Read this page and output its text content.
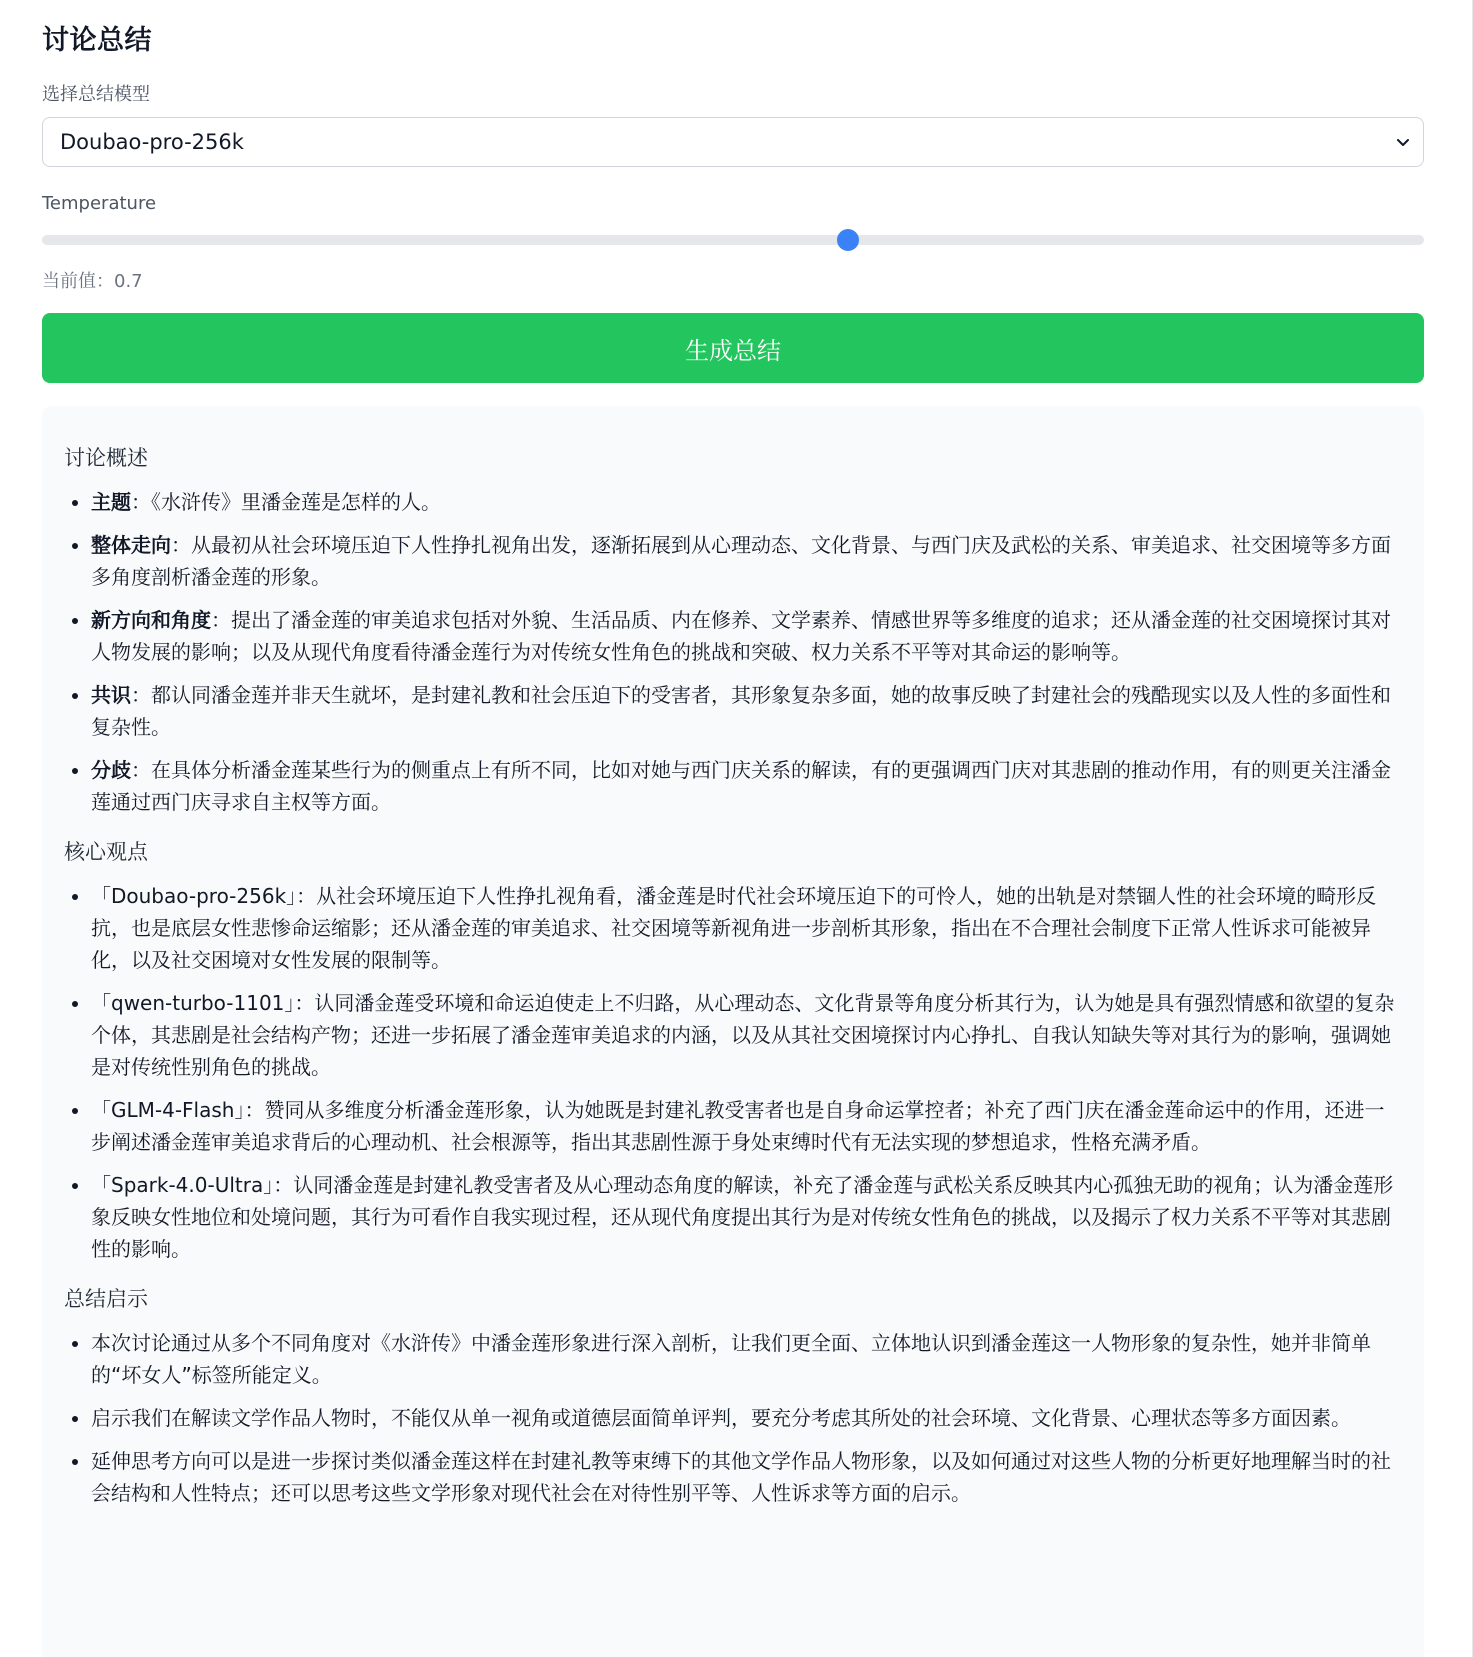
讨论总结
选择总结模型
Doubao-pro-256k
Temperature
当前值：0.7
生成总结
讨论概述
• 主题：《水浒传》里潘金莲是怎样的人。
• 整体走向：从最初从社会环境压迫下人性挣扎视角出发，逐渐拓展到从心理动态、文化背景、与西门庆及武松的关系、审美追求、社交困境等多方面多角度剖析潘金莲的形象。
• 新方向和角度：提出了潘金莲的审美追求包括对外貌、生活品质、内在修养、文学素养、情感世界等多维度的追求；还从潘金莲的社交困境探讨其对人物发展的影响；以及从现代角度看待潘金莲行为对传统女性角色的挑战和突破、权力关系不平等对其命运的影响等。
• 共识：都认同潘金莲并非天生就坏，是封建礼教和社会压迫下的受害者，其形象复杂多面，她的故事反映了封建社会的残酷现实以及人性的多面性和复杂性。
• 分歧：在具体分析潘金莲某些行为的侧重点上有所不同，比如对她与西门庆关系的解读，有的更强调西门庆对其悲剧的推动作用，有的则更关注潘金莲通过西门庆寻求自主权等方面。
核心观点
• 「Doubao-pro-256k」：从社会环境压迫下人性挣扎视角看，潘金莲是时代社会环境压迫下的可怜人，她的出轨是对禁锢人性的社会环境的畸形反抗，也是底层女性悲惨命运缩影；还从潘金莲的审美追求、社交困境等新视角进一步剖析其形象，指出在不合理社会制度下正常人性诉求可能被异化，以及社交困境对女性发展的限制等。
• 「qwen-turbo-1101」：认同潘金莲受环境和命运迫使走上不归路，从心理动态、文化背景等角度分析其行为，认为她是具有强烈情感和欲望的复杂个体，其悲剧是社会结构产物；还进一步拓展了潘金莲审美追求的内涵，以及从其社交困境探讨内心挣扎、自我认知缺失等对其行为的影响，强调她是对传统性别角色的挑战。
• 「GLM-4-Flash」：赞同从多维度分析潘金莲形象，认为她既是封建礼教受害者也是自身命运掌控者；补充了西门庆在潘金莲命运中的作用，还进一步阐述潘金莲审美追求背后的心理动机、社会根源等，指出其悲剧性源于身处束缚时代有无法实现的梦想追求，性格充满矛盾。
• 「Spark-4.0-Ultra」：认同潘金莲是封建礼教受害者及从心理动态角度的解读，补充了潘金莲与武松关系反映其内心孤独无助的视角；认为潘金莲形象反映女性地位和处境问题，其行为可看作自我实现过程，还从现代角度提出其行为是对传统女性角色的挑战，以及揭示了权力关系不平等对其悲剧性的影响。
总结启示
• 本次讨论通过从多个不同角度对《水浒传》中潘金莲形象进行深入剖析，让我们更全面、立体地认识到潘金莲这一人物形象的复杂性，她并非简单的“坏女人”标签所能定义。
• 启示我们在解读文学作品人物时，不能仅从单一视角或道德层面简单评判，要充分考虑其所处的社会环境、文化背景、心理状态等多方面因素。
• 延伸思考方向可以是进一步探讨类似潘金莲这样在封建礼教等束缚下的其他文学作品人物形象，以及如何通过对这些人物的分析更好地理解当时的社会结构和人性特点；还可以思考这些文学形象对现代社会在对待性别平等、人性诉求等方面的启示。
